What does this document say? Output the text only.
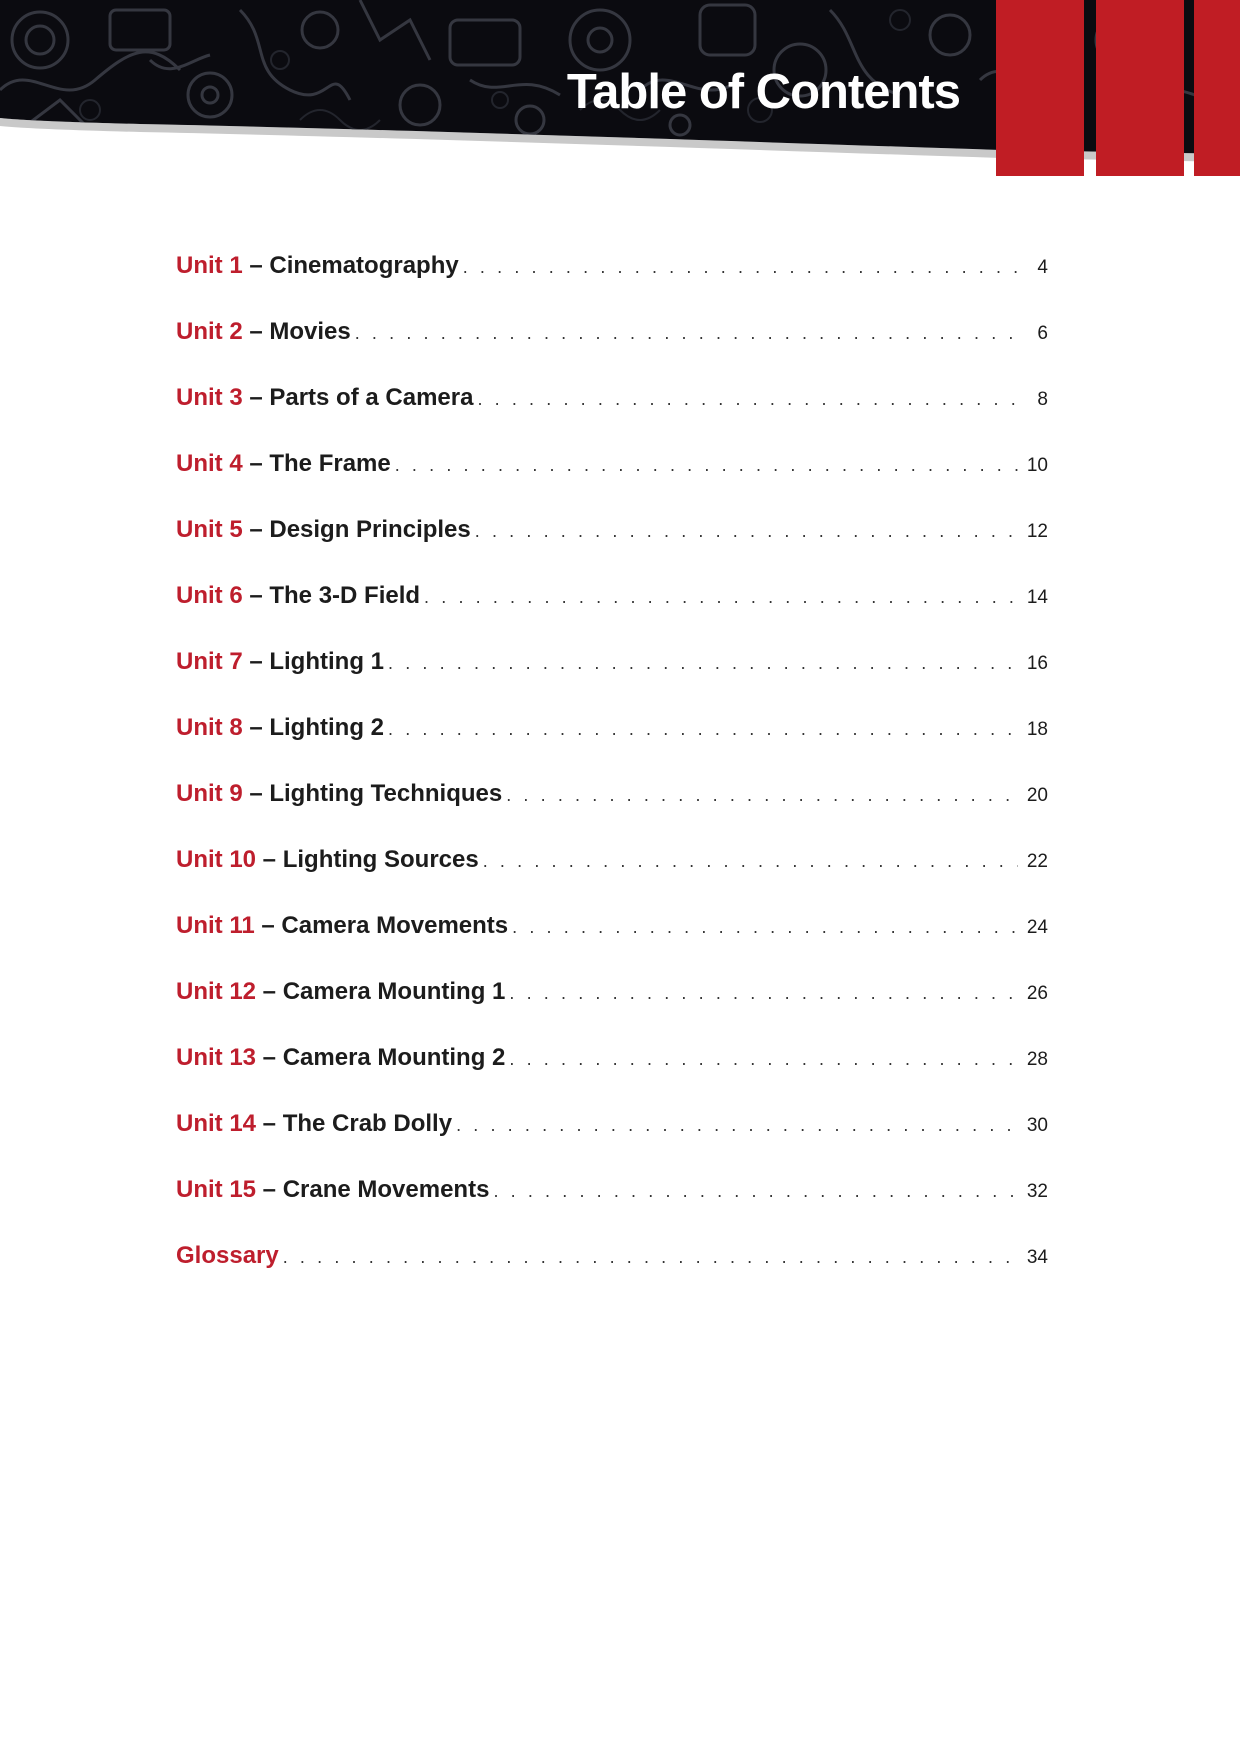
Table of Contents
Unit 1 – Cinematography . . .	4
Unit 2 – Movies . . .	6
Unit 3 – Parts of a Camera . . .	8
Unit 4 – The Frame . . .	10
Unit 5 – Design Principles . . .	12
Unit 6 – The 3-D Field . . .	14
Unit 7 – Lighting 1 . . .	16
Unit 8 – Lighting 2 . . .	18
Unit 9 – Lighting Techniques . . .	20
Unit 10 – Lighting Sources . . .	22
Unit 11 – Camera Movements . . .	24
Unit 12 – Camera Mounting 1 . . .	26
Unit 13 – Camera Mounting 2 . . .	28
Unit 14 – The Crab Dolly . . .	30
Unit 15 – Crane Movements . . .	32
Glossary . . .	34
